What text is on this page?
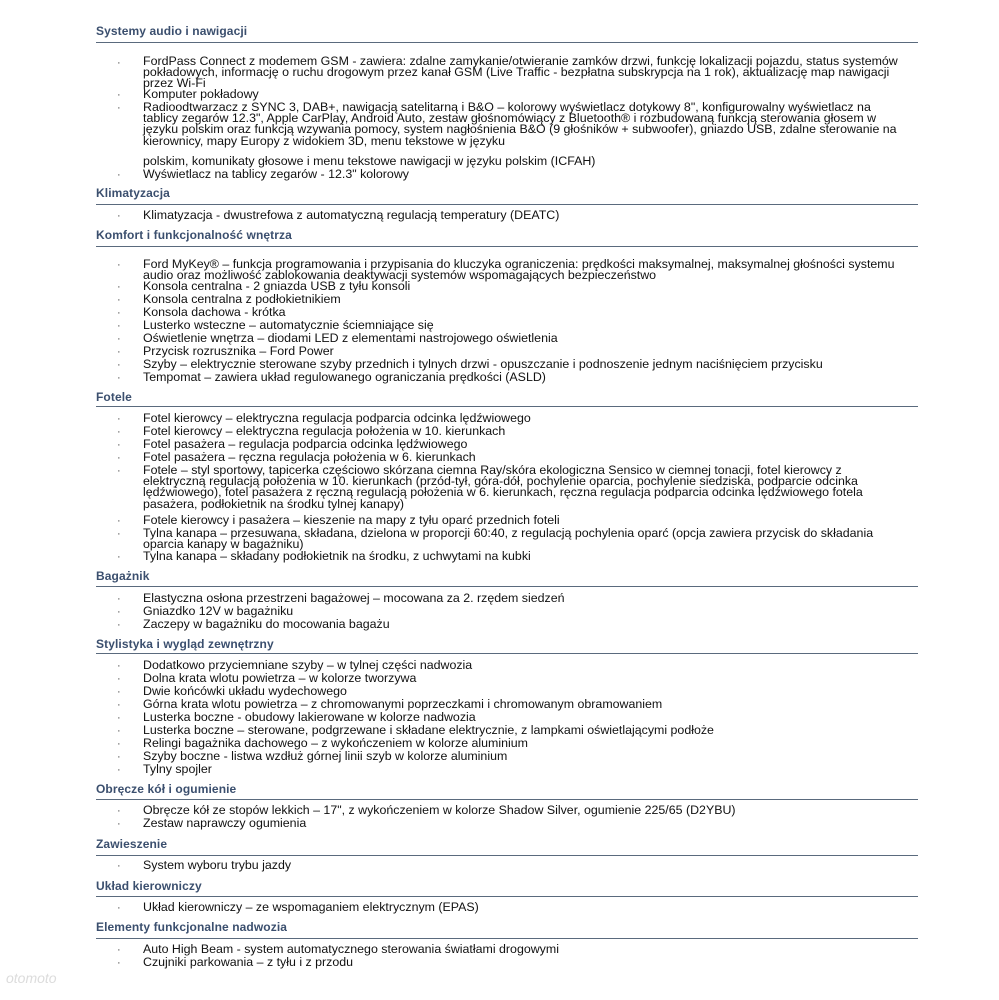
Systemy audio i nawigacji
· FordPass Connect z modemem GSM - zawiera: zdalne zamykanie/otwieranie zamków drzwi, funkcję lokalizacji pojazdu, status systemów pokładowych, informację o ruchu drogowym przez kanał GSM (Live Traffic - bezpłatna subskrypcja na 1 rok), aktualizację map nawigacji przez Wi-Fi
· Komputer pokładowy
· Radioodtwarzacz z SYNC 3, DAB+, nawigacją satelitarną i B&O – kolorowy wyświetlacz dotykowy 8", konfigurowalny wyświetlacz na tablicy zegarów 12.3", Apple CarPlay, Android Auto, zestaw głośnomówiący z Bluetooth® i rozbudowaną funkcją sterowania głosem w języku polskim oraz funkcją wzywania pomocy, system nagłośnienia B&O (9 głośników + subwoofer), gniazdo USB, zdalne sterowanie na kierownicy, mapy Europy z widokiem 3D, menu tekstowe w języku
polskim, komunikaty głosowe i menu tekstowe nawigacji w języku polskim (ICFAH)
· Wyświetlacz na tablicy zegarów - 12.3" kolorowy
Klimatyzacja
· Klimatyzacja - dwustrefowa z automatyczną regulacją temperatury (DEATC)
Komfort i funkcjonalność wnętrza
· Ford MyKey® – funkcja programowania i przypisania do kluczyka ograniczenia: prędkości maksymalnej, maksymalnej głośności systemu audio oraz możliwość zablokowania deaktywacji systemów wspomagających bezpieczeństwo
· Konsola centralna - 2 gniazda USB z tyłu konsoli
· Konsola centralna z podłokietnikiem
· Konsola dachowa - krótka
· Lusterko wsteczne – automatycznie ściemniające się
· Oświetlenie wnętrza – diodami LED z elementami nastrojowego oświetlenia
· Przycisk rozrusznika – Ford Power
· Szyby – elektrycznie sterowane szyby przednich i tylnych drzwi - opuszczanie i podnoszenie jednym naciśnięciem przycisku
· Tempomat – zawiera układ regulowanego ograniczania prędkości (ASLD)
Fotele
· Fotel kierowcy – elektryczna regulacja podparcia odcinka lędźwiowego
· Fotel kierowcy – elektryczna regulacja położenia w 10. kierunkach
· Fotel pasażera – regulacja podparcia odcinka lędźwiowego
· Fotel pasażera – ręczna regulacja położenia w 6. kierunkach
· Fotele – styl sportowy, tapicerka częściowo skórzana ciemna Ray/skóra ekologiczna Sensico w ciemnej tonacji, fotel kierowcy z elektryczną regulacją położenia w 10. kierunkach (przód-tył, góra-dół, pochylenie oparcia, pochylenie siedziska, podparcie odcinka lędźwiowego), fotel pasażera z ręczną regulacją położenia w 6. kierunkach, ręczna regulacja podparcia odcinka lędźwiowego fotela pasażera, podłokietnik na środku tylnej kanapy)
· Fotele kierowcy i pasażera – kieszenie na mapy z tyłu oparć przednich foteli
· Tylna kanapa – przesuwana, składana, dzielona w proporcji 60:40, z regulacją pochylenia oparć (opcja zawiera przycisk do składania oparcia kanapy w bagażniku)
· Tylna kanapa – składany podłokietnik na środku, z uchwytami na kubki
Bagażnik
· Elastyczna osłona przestrzeni bagażowej – mocowana za 2. rzędem siedzeń
· Gniazdko 12V w bagażniku
· Zaczepy w bagażniku do mocowania bagażu
Stylistyka i wygląd zewnętrzny
· Dodatkowo przyciemniane szyby – w tylnej części nadwozia
· Dolna krata wlotu powietrza – w kolorze tworzywa
· Dwie końcówki układu wydechowego
· Górna krata wlotu powietrza – z chromowanymi poprzeczkami i chromowanym obramowaniem
· Lusterka boczne - obudowy lakierowane w kolorze nadwozia
· Lusterka boczne – sterowane, podgrzewane i składane elektrycznie, z lampkami oświetlającymi podłoże
· Relingi bagażnika dachowego – z wykończeniem w kolorze aluminium
· Szyby boczne - listwa wzdłuż górnej linii szyb w kolorze aluminium
· Tylny spojler
Obręcze kół i ogumienie
· Obręcze kół ze stopów lekkich – 17", z wykończeniem w kolorze Shadow Silver, ogumienie 225/65 (D2YBU)
· Zestaw naprawczy ogumienia
Zawieszenie
· System wyboru trybu jazdy
Układ kierowniczy
· Układ kierowniczy – ze wspomaganiem elektrycznym (EPAS)
Elementy funkcjonalne nadwozia
· Auto High Beam - system automatycznego sterowania światłami drogowymi
· Czujniki parkowania – z tyłu i z przodu
otomoto
